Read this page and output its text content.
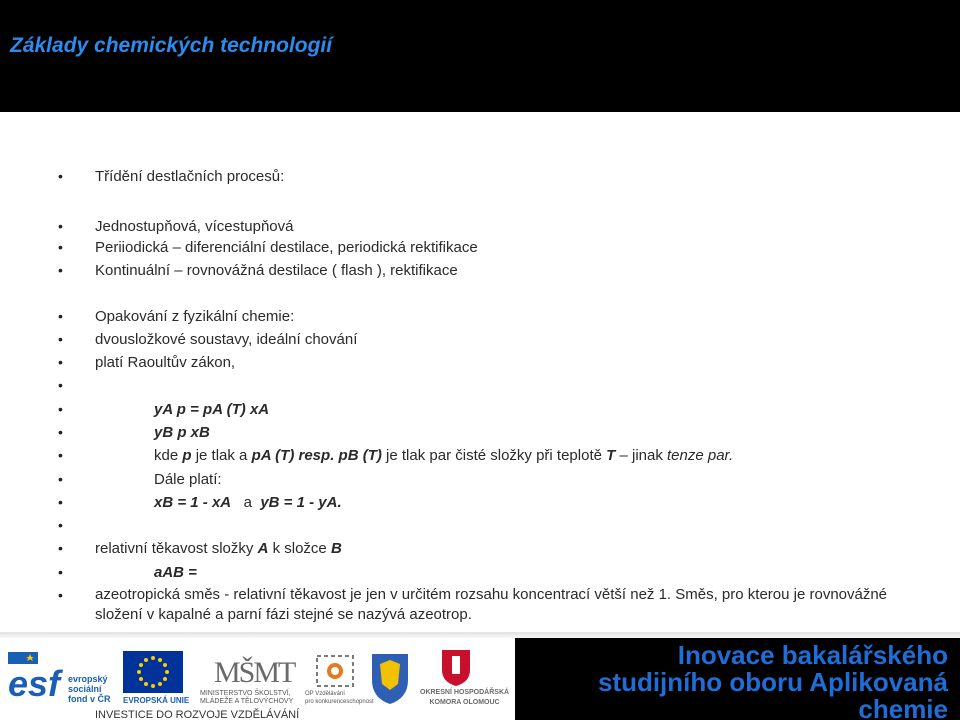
Základy chemických technologií
• Třídění destlačních procesů:
• Jednostupňová, vícestupňová
• Periiodická – diferenciální destilace, periodická rektifikace
• Kontinuální – rovnovážná destilace ( flash ), rektifikace
• Opakování z fyzikální chemie:
• dvousložkové soustavy, ideální chování
• platí Raoultův zákon,
•
•	yA p = pA (T) xA
•	yB p xB
•	kde p je tlak a pA (T) resp. pB (T) je tlak par čisté složky při teplotě T – jinak tenze par.
•	Dále platí:
•	xB = 1 - xA a yB = 1 - yA.
•
• relativní těkavost složky A k složce B
•	aAB =
• azeotropická směs - relativní těkavost je jen v určitém rozsahu koncentrací větší než 1. Směs, pro kterou je rovnovážné složení v kapalné a parní fázi stejné se nazývá azeotrop.
esf evropský
sociální
fond v ČR EVROPSKÁ UNIE
MŠMT
MINISTERSTVO ŠKOLSTVÍ,
MLÁDEŽE A TĚLOVÝCHOVY
OP Vzdělávání
pro konkurenceschopnost
OKRESNÍ HOSPODÁŘSKÁ
KOMORA OLOMOUC
INVESTICE DO ROZVOJE VZDĚLÁVÁNÍ
Inovace bakalářského
studijního oboru Aplikovaná
chemie
